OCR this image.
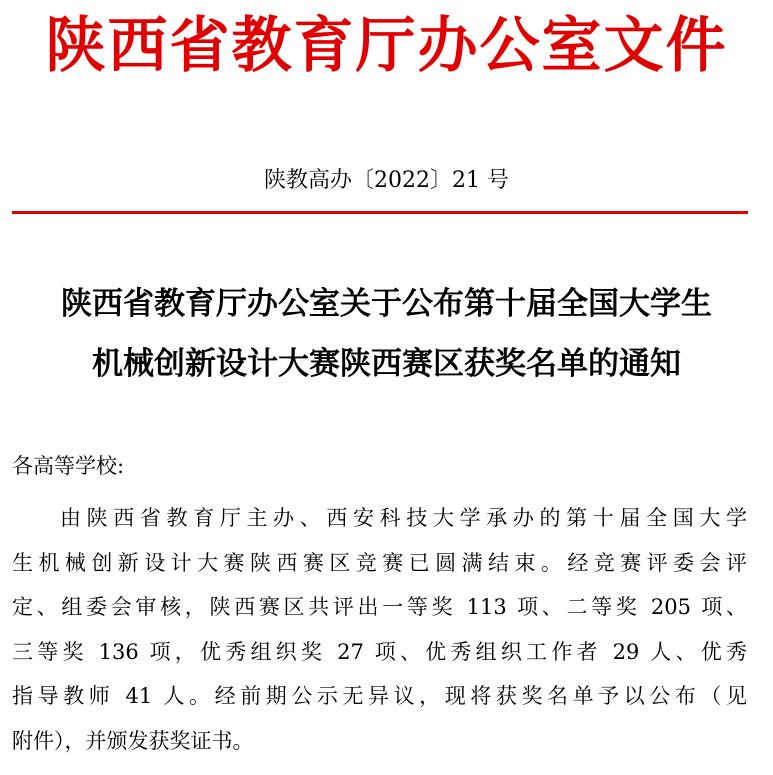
陕西省教育厅办公室文件
陕教高办〔2022〕21 号
陕西省教育厅办公室关于公布第十届全国大学生
机械创新设计大赛陕西赛区获奖名单的通知
各高等学校:
由陕西省教育厅主办、西安科技大学承办的第十届全国大学
生机械创新设计大赛陕西赛区竞赛已圆满结束。经竞赛评委会评
定、组委会审核，陕西赛区共评出一等奖 113 项、二等奖 205 项、
三等奖 136 项，优秀组织奖 27 项、优秀组织工作者 29 人、优秀
指导教师 41 人。经前期公示无异议，现将获奖名单予以公布（见
附件），并颁发获奖证书。
